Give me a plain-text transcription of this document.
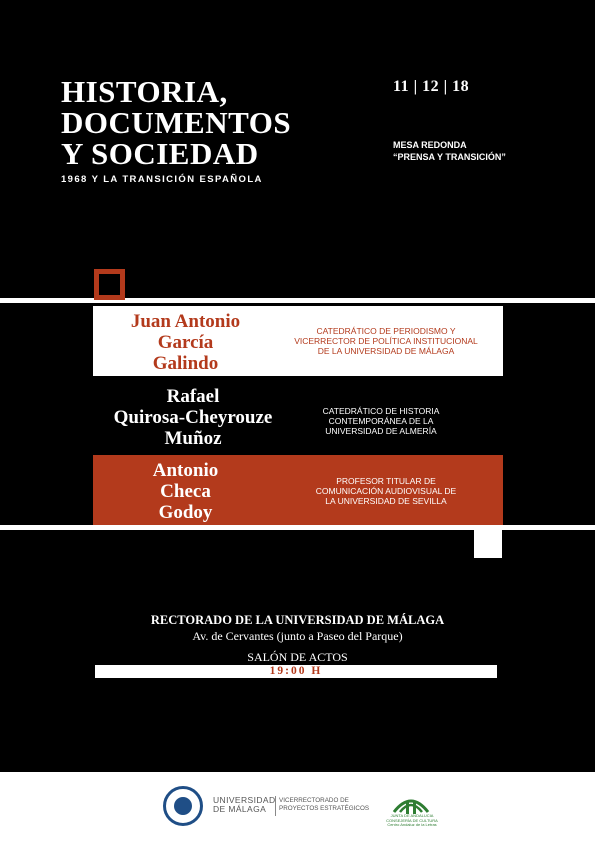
HISTORIA,
DOCUMENTOS
Y SOCIEDAD
1968 Y LA TRANSICIÓN ESPAÑOLA
11 | 12 | 18
MESA REDONDA
“PRENSA Y TRANSICIÓN”
Juan Antonio
García
Galindo
CATEDRÁTICO DE PERIODISMO Y
VICERRECTOR DE POLÍTICA INSTITUCIONAL
DE LA UNIVERSIDAD DE MÁLAGA
Rafael
Quirosa-Cheyrouze
Muñoz
CATEDRÁTICO DE HISTORIA
CONTEMPORÁNEA DE LA
UNIVERSIDAD DE ALMERÍA
Antonio
Checa
Godoy
PROFESOR TITULAR DE
COMUNICACIÓN AUDIOVISUAL DE
LA UNIVERSIDAD DE SEVILLA
RECTORADO DE LA UNIVERSIDAD DE MÁLAGA
Av. de Cervantes (junto a Paseo del Parque)
SALÓN DE ACTOS
19:00 H
UNIVERSIDAD
DE MÁLAGA
VICERRECTORADO DE
PROYECTOS ESTRATÉGICOS
JUNTA DE ANDALUCIA
CONSEJERÍA DE CULTURA
Centro Andaluz de la Letras
